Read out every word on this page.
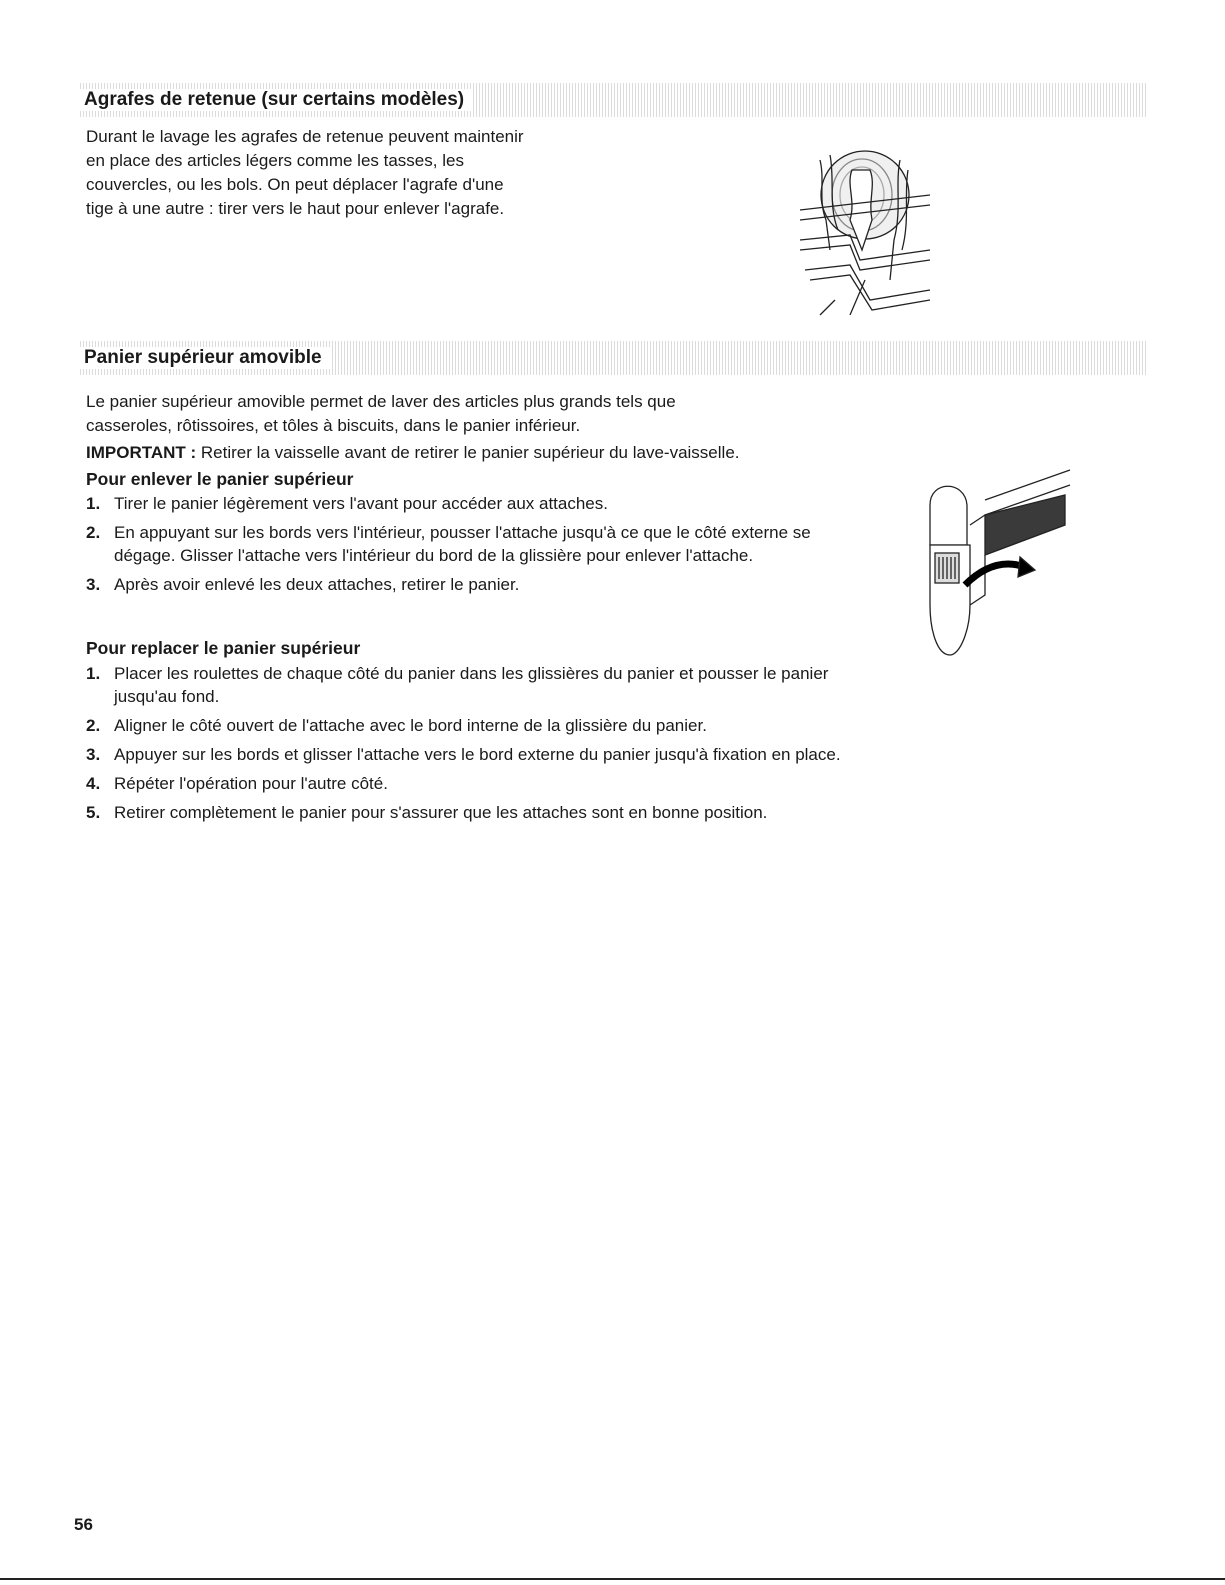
Agrafes de retenue (sur certains modèles)
Durant le lavage les agrafes de retenue peuvent maintenir
en place des articles légers comme les tasses, les
couvercles, ou les bols. On peut déplacer l'agrafe d'une
tige à une autre : tirer vers le haut pour enlever l'agrafe.
Panier supérieur amovible
Le panier supérieur amovible permet de laver des articles plus grands tels que
casseroles, rôtissoires, et tôles à biscuits, dans le panier inférieur.
IMPORTANT : Retirer la vaisselle avant de retirer le panier supérieur du lave-vaisselle.
Pour enlever le panier supérieur
1. Tirer le panier légèrement vers l'avant pour accéder aux attaches.
2. En appuyant sur les bords vers l'intérieur, pousser l'attache jusqu'à ce que le côté externe se dégage. Glisser l'attache vers l'intérieur du bord de la glissière pour enlever l'attache.
3. Après avoir enlevé les deux attaches, retirer le panier.
Pour replacer le panier supérieur
1. Placer les roulettes de chaque côté du panier dans les glissières du panier et pousser le panier jusqu'au fond.
2. Aligner le côté ouvert de l'attache avec le bord interne de la glissière du panier.
3. Appuyer sur les bords et glisser l'attache vers le bord externe du panier jusqu'à fixation en place.
4. Répéter l'opération pour l'autre côté.
5. Retirer complètement le panier pour s'assurer que les attaches sont en bonne position.
56
